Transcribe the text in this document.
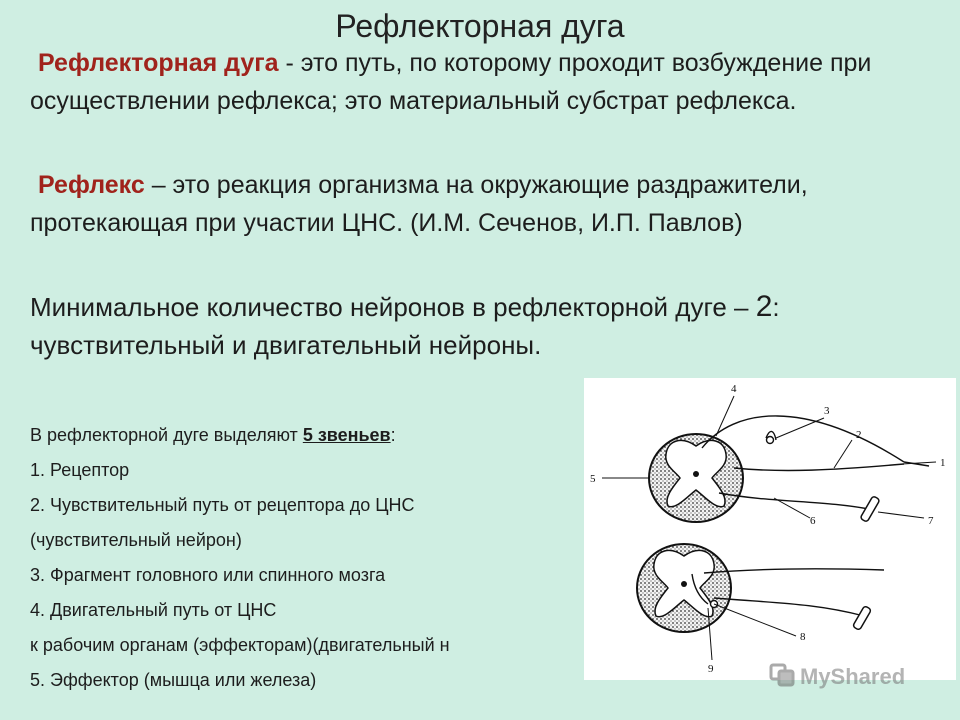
Рефлекторная дуга
Рефлекторная дуга - это путь, по которому проходит возбуждение при осуществлении рефлекса; это материальный субстрат рефлекса.
Рефлекс – это реакция организма на окружающие раздражители, протекающая при участии ЦНС. (И.М. Сеченов, И.П. Павлов)
Минимальное количество нейронов в рефлекторной дуге – 2: чувствительный и двигательный нейроны.
В рефлекторной дуге выделяют 5 звеньев:
1. Рецептор
2. Чувствительный путь от рецептора до ЦНС
(чувствительный нейрон)
3. Фрагмент головного или спинного мозга
4. Двигательный путь от ЦНС
к рабочим органам (эффекторам)(двигательный н
5. Эффектор (мышца или железа)
1
2
3
4
5
6	7
8
9	MyShared
